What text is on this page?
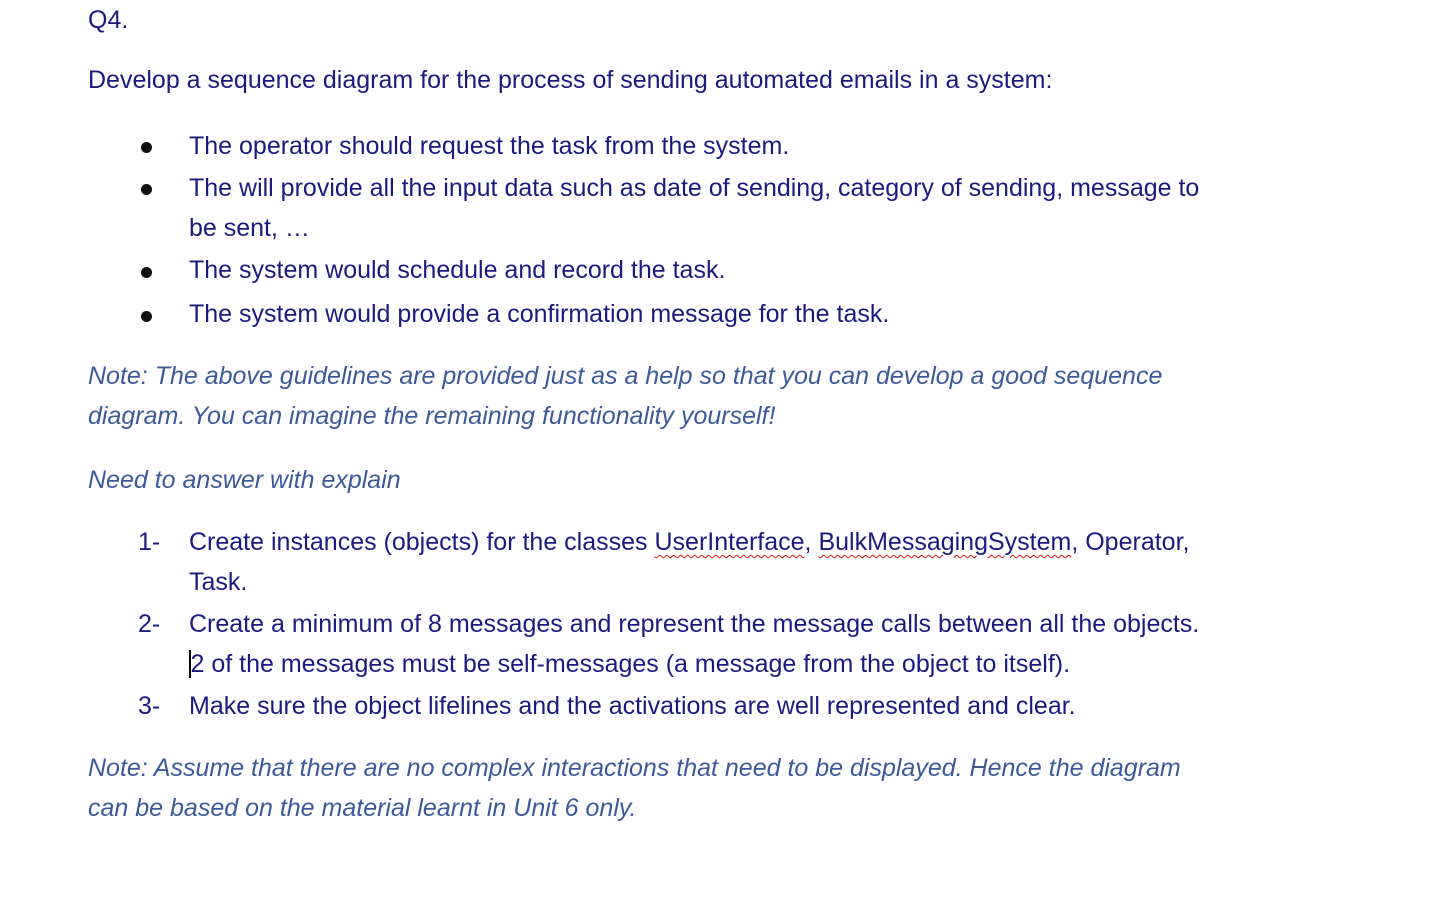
Q4.
Develop a sequence diagram for the process of sending automated emails in a system:
The operator should request the task from the system.
The will provide all the input data such as date of sending, category of sending, message to
be sent, …
The system would schedule and record the task.
The system would provide a confirmation message for the task.
Note: The above guidelines are provided just as a help so that you can develop a good sequence
diagram. You can imagine the remaining functionality yourself!
Need to answer with explain
1- Create instances (objects) for the classes UserInterface, BulkMessagingSystem, Operator,
Task.
2- Create a minimum of 8 messages and represent the message calls between all the objects.
2 of the messages must be self-messages (a message from the object to itself).
3- Make sure the object lifelines and the activations are well represented and clear.
Note: Assume that there are no complex interactions that need to be displayed. Hence the diagram
can be based on the material learnt in Unit 6 only.
